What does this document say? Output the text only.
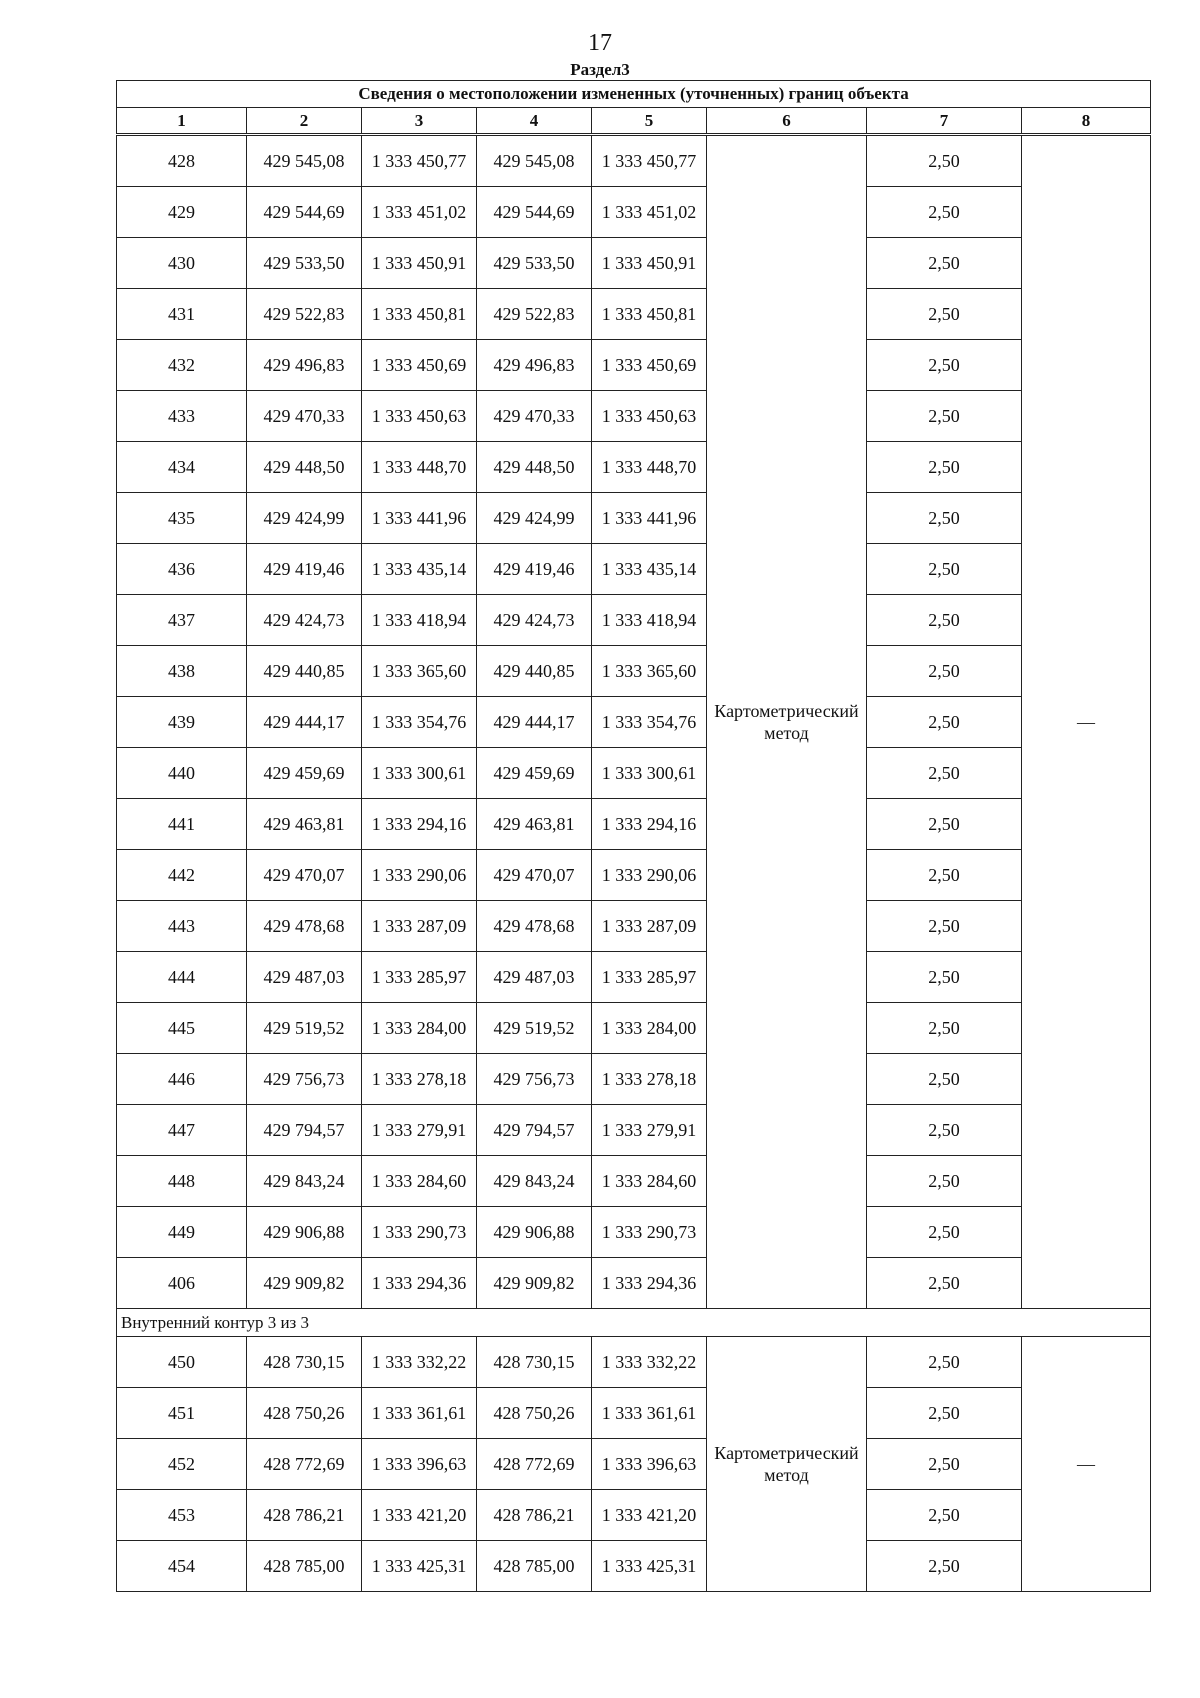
17
Раздел3
Сведения о местоположении измененных (уточненных) границ объекта							
1	2	3	4	5	6	7	8
428	429 545,08	1 333 450,77	429 545,08	1 333 450,77	Картометрический метод	2,50	—
429	429 544,69	1 333 451,02	429 544,69	1 333 451,02		2,50	
430	429 533,50	1 333 450,91	429 533,50	1 333 450,91		2,50	
431	429 522,83	1 333 450,81	429 522,83	1 333 450,81		2,50	
432	429 496,83	1 333 450,69	429 496,83	1 333 450,69		2,50	
433	429 470,33	1 333 450,63	429 470,33	1 333 450,63		2,50	
434	429 448,50	1 333 448,70	429 448,50	1 333 448,70		2,50	
435	429 424,99	1 333 441,96	429 424,99	1 333 441,96		2,50	
436	429 419,46	1 333 435,14	429 419,46	1 333 435,14		2,50	
437	429 424,73	1 333 418,94	429 424,73	1 333 418,94		2,50	
438	429 440,85	1 333 365,60	429 440,85	1 333 365,60		2,50	
439	429 444,17	1 333 354,76	429 444,17	1 333 354,76		2,50	
440	429 459,69	1 333 300,61	429 459,69	1 333 300,61		2,50	
441	429 463,81	1 333 294,16	429 463,81	1 333 294,16		2,50	
442	429 470,07	1 333 290,06	429 470,07	1 333 290,06		2,50	
443	429 478,68	1 333 287,09	429 478,68	1 333 287,09		2,50	
444	429 487,03	1 333 285,97	429 487,03	1 333 285,97		2,50	
445	429 519,52	1 333 284,00	429 519,52	1 333 284,00		2,50	
446	429 756,73	1 333 278,18	429 756,73	1 333 278,18		2,50	
447	429 794,57	1 333 279,91	429 794,57	1 333 279,91		2,50	
448	429 843,24	1 333 284,60	429 843,24	1 333 284,60		2,50	
449	429 906,88	1 333 290,73	429 906,88	1 333 290,73		2,50	
406	429 909,82	1 333 294,36	429 909,82	1 333 294,36		2,50	
Внутренний контур 3 из 3							
450	428 730,15	1 333 332,22	428 730,15	1 333 332,22	Картометрический метод	2,50	—
451	428 750,26	1 333 361,61	428 750,26	1 333 361,61		2,50	
452	428 772,69	1 333 396,63	428 772,69	1 333 396,63		2,50	
453	428 786,21	1 333 421,20	428 786,21	1 333 421,20		2,50	
454	428 785,00	1 333 425,31	428 785,00	1 333 425,31		2,50	
